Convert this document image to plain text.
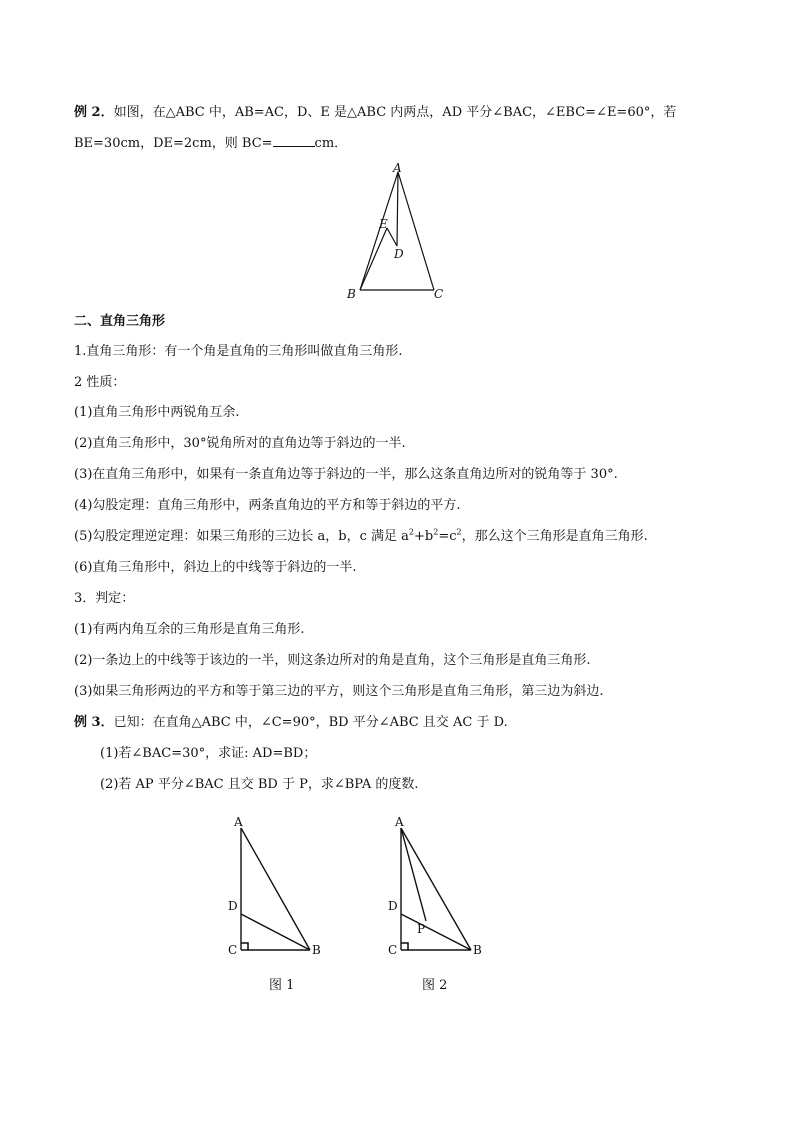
例 2．如图，在△ABC 中，AB=AC，D、E 是△ABC 内两点，AD 平分∠BAC，∠EBC=∠E=60°，若
BE=30cm，DE=2cm，则 BC=	cm．
A
B	C
D
E
二、直角三角形
1.直角三角形：有一个角是直角的三角形叫做直角三角形.
2 性质：
(1)直角三角形中两锐角互余.
(2)直角三角形中，30°锐角所对的直角边等于斜边的一半.
(3)在直角三角形中，如果有一条直角边等于斜边的一半，那么这条直角边所对的锐角等于 30°.
(4)勾股定理：直角三角形中，两条直角边的平方和等于斜边的平方.
(5)勾股定理逆定理：如果三角形的三边长 a，b，c 满足 $a^2+b^2=c^2$，那么这个三角形是直角三角形.
(6)直角三角形中，斜边上的中线等于斜边的一半.
3．判定：
(1)有两内角互余的三角形是直角三角形.
(2)一条边上的中线等于该边的一半，则这条边所对的角是直角，这个三角形是直角三角形.
(3)如果三角形两边的平方和等于第三边的平方，则这个三角形是直角三角形，第三边为斜边.
例 3．已知：在直角△ABC 中，∠C=90°，BD 平分∠ABC 且交 AC 于 D.
(1)若∠BAC=30°，求证: AD=BD；
(2)若 AP 平分∠BAC 且交 BD 于 P，求∠BPA 的度数.
A
D
C	B
图 1
A
D
C	B
P
图 2
